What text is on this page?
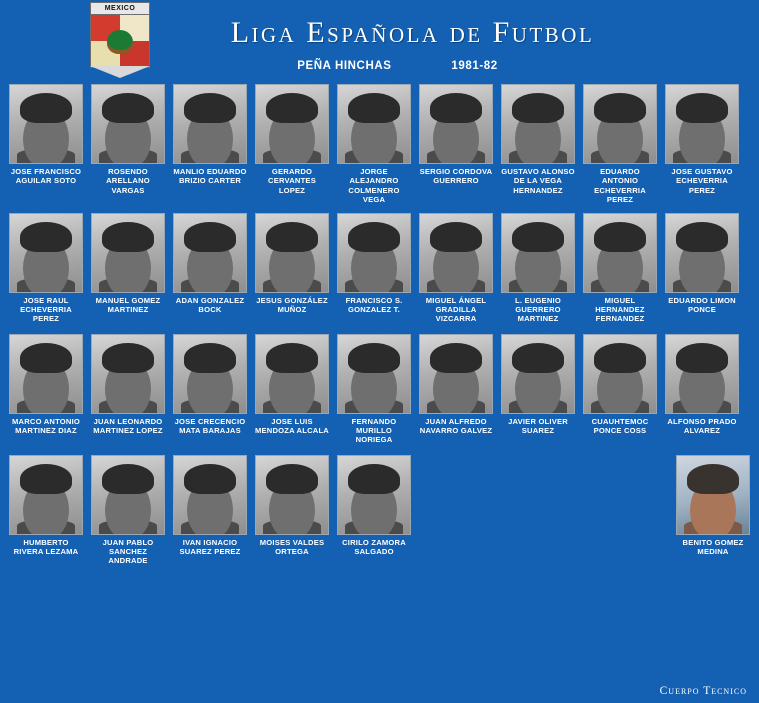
MEXICO
Liga Española de Futbol
PEÑA HINCHAS	1981-82
JOSE FRANCISCO AGUILAR SOTO
ROSENDO ARELLANO VARGAS
MANLIO EDUARDO BRIZIO CARTER
GERARDO CERVANTES LOPEZ
JORGE ALEJANDRO COLMENERO VEGA
SERGIO CORDOVA GUERRERO
GUSTAVO ALONSO DE LA VEGA HERNANDEZ
EDUARDO ANTONIO ECHEVERRIA PEREZ
JOSE GUSTAVO ECHEVERRIA PEREZ
JOSE RAUL ECHEVERRIA PEREZ
MANUEL GOMEZ MARTINEZ
ADAN GONZALEZ BOCK
JESUS GONZÁLEZ MUÑOZ
FRANCISCO S. GONZALEZ T.
MIGUEL ÁNGEL GRADILLA VIZCARRA
L. EUGENIO GUERRERO MARTINEZ
MIGUEL HERNANDEZ FERNANDEZ
EDUARDO LIMON PONCE
MARCO ANTONIO MARTINEZ DIAZ
JUAN LEONARDO MARTINEZ LOPEZ
JOSE CRECENCIO MATA BARAJAS
JOSE LUIS MENDOZA ALCALA
FERNANDO MURILLO NORIEGA
JUAN ALFREDO NAVARRO GALVEZ
JAVIER OLIVER SUAREZ
CUAUHTEMOC PONCE COSS
ALFONSO PRADO ALVAREZ
HUMBERTO RIVERA LEZAMA
JUAN PABLO SANCHEZ ANDRADE
IVAN IGNACIO SUAREZ PEREZ
MOISES VALDES ORTEGA
CIRILO ZAMORA SALGADO
BENITO GOMEZ MEDINA
Cuerpo Tecnico
